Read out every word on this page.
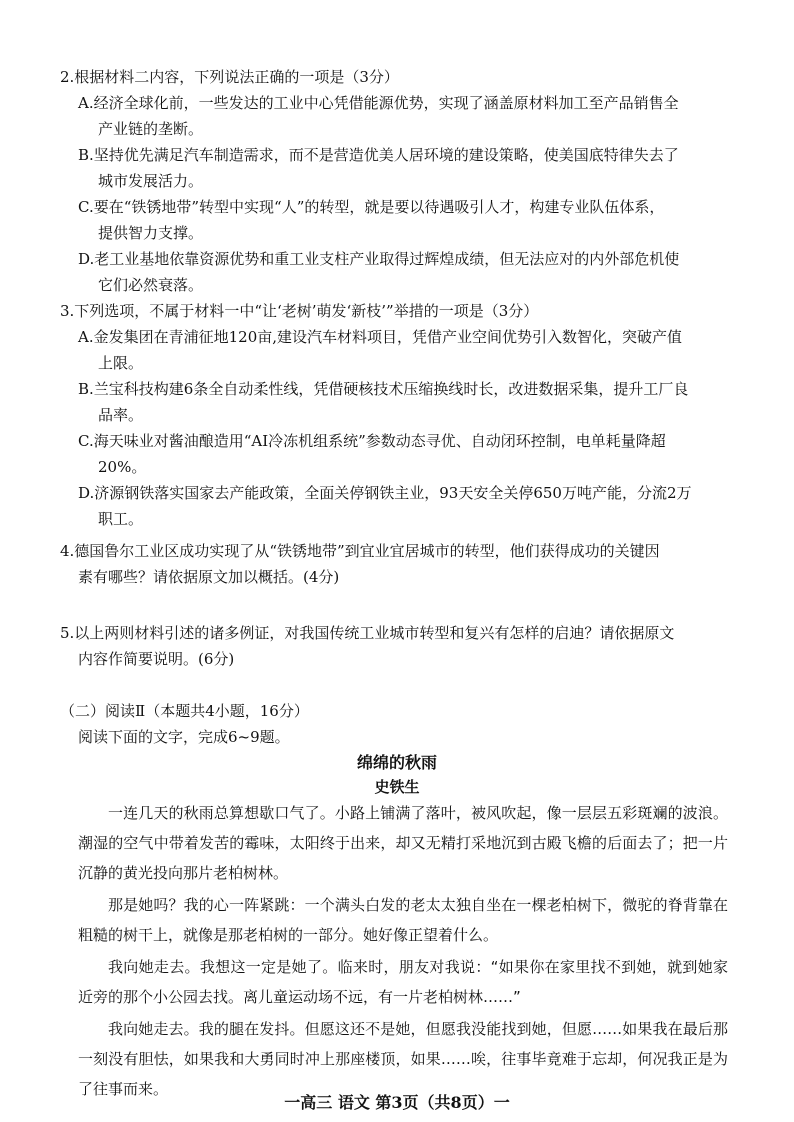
2.根据材料二内容，下列说法正确的一项是（3分）

A.经济全球化前，一些发达的工业中心凭借能源优势，实现了涵盖原材料加工至产品销售全
产业链的垄断。
B.坚持优先满足汽车制造需求，而不是营造优美人居环境的建设策略，使美国底特律失去了
城市发展活力。
C.要在“铁锈地带”转型中实现“人”的转型，就是要以待遇吸引人才，构建专业队伍体系，
提供智力支撑。
D.老工业基地依靠资源优势和重工业支柱产业取得过辉煌成绩，但无法应对的内外部危机使
它们必然衰落。

3.下列选项，不属于材料一中“让‘老树’萌发‘新枝’”举措的一项是（3分）

A.金发集团在青浦征地120亩,建设汽车材料项目，凭借产业空间优势引入数智化，突破产值
上限。
B.兰宝科技构建6条全自动柔性线，凭借硬核技术压缩换线时长，改进数据采集，提升工厂良
品率。
C.海天味业对酱油酿造用“AI冷冻机组系统”参数动态寻优、自动闭环控制，电单耗量降超
20%。
D.济源钢铁落实国家去产能政策，全面关停钢铁主业，93天安全关停650万吨产能，分流2万
职工。
4.德国鲁尔工业区成功实现了从“铁锈地带”到宜业宜居城市的转型，他们获得成功的关键因
素有哪些？请依据原文加以概括。(4分)
5.以上两则材料引述的诸多例证，对我国传统工业城市转型和复兴有怎样的启迪？请依据原文
内容作简要说明。(6分)
（二）阅读Ⅱ（本题共4小题，16分）
阅读下面的文字，完成6~9题。
绵绵的秋雨
史铁生

一连几天的秋雨总算想歇口气了。小路上铺满了落叶，被风吹起，像一层层五彩斑斓的波浪。潮湿的空气中带着发苦的霉味，太阳终于出来，却又无精打采地沉到古殿飞檐的后面去了；把一片沉静的黄光投向那片老柏树林。

那是她吗？我的心一阵紧跳：一个满头白发的老太太独自坐在一棵老柏树下，微驼的脊背靠在粗糙的树干上，就像是那老柏树的一部分。她好像正望着什么。

我向她走去。我想这一定是她了。临来时，朋友对我说：“如果你在家里找不到她，就到她家近旁的那个小公园去找。离儿童运动场不远，有一片老柏树林……”

我向她走去。我的腿在发抖。但愿这还不是她，但愿我没能找到她，但愿……如果我在最后那一刻没有胆怯，如果我和大勇同时冲上那座楼顶，如果……唉，往事毕竟难于忘却，何况我正是为了往事而来。

一高三 语文 第3页（共8页）一
